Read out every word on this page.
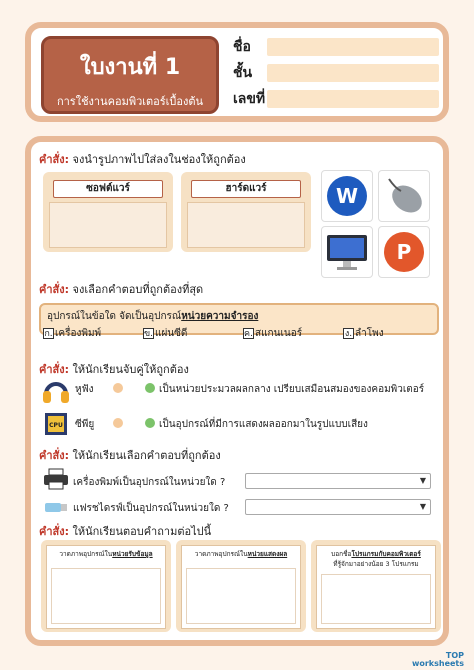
ใบงานที่ 1
การใช้งานคอมพิวเตอร์เบื้องต้น
ชื่อ
ชั้น
เลขที่
คำสั่ง: จงนำรูปภาพไปใส่ลงในช่องให้ถูกต้อง
ซอฟต์แวร์	ฮาร์ดแวร์	W
P
คำสั่ง: จงเลือกคำตอบที่ถูกต้องที่สุด
อุปกรณ์ในข้อใด จัดเป็นอุปกรณ์หน่วยความจำรอง
ก. เครื่องพิมพ์	ข. แผ่นซีดี	ค. สแกนเนอร์	ง. ลำโพง
คำสั่ง: ให้นักเรียนจับคู่ให้ถูกต้อง
หูฟัง	เป็นหน่วยประมวลผลกลาง เปรียบเสมือนสมองของคอมพิวเตอร์
CPU ซีพียู	เป็นอุปกรณ์ที่มีการแสดงผลออกมาในรูปแบบเสียง
คำสั่ง: ให้นักเรียนเลือกคำตอบที่ถูกต้อง
เครื่องพิมพ์เป็นอุปกรณ์ในหน่วยใด ?	▼
แฟรชไดรฟ์เป็นอุปกรณ์ในหน่วยใด ?	▼
คำสั่ง: ให้นักเรียนตอบคำถามต่อไปนี้
วาดภาพอุปกรณ์ในหน่วยรับข้อมูล	วาดภาพอุปกรณ์ในหน่วยแสดงผล	บอกชื่อโปรแกรมกับคอมพิวเตอร์
ที่รู้จักมาอย่างน้อย 3 โปรแกรม
TOP
worksheets
